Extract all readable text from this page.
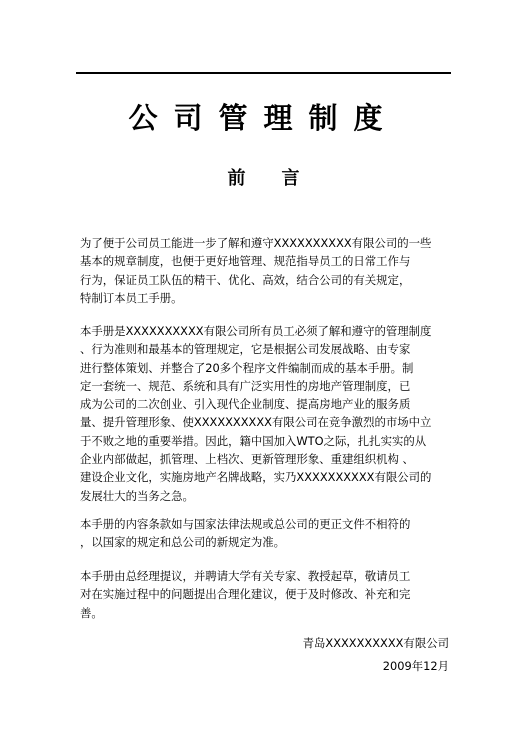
公司管理制度
前言
为了便于公司员工能进一步了解和遵守XXXXXXXXXX有限公司的一些
基本的规章制度，也便于更好地管理、规范指导员工的日常工作与
行为，保证员工队伍的精干、优化、高效，结合公司的有关规定，
特制订本员工手册。
本手册是XXXXXXXXXX有限公司所有员工必须了解和遵守的管理制度
、行为准则和最基本的管理规定，它是根据公司发展战略、由专家
进行整体策划、并整合了20多个程序文件编制而成的基本手册。制
定一套统一、规范、系统和具有广泛实用性的房地产管理制度，已
成为公司的二次创业、引入现代企业制度、提高房地产业的服务质
量、提升管理形象、使XXXXXXXXXX有限公司在竞争激烈的市场中立
于不败之地的重要举措。因此，籍中国加入WTO之际，扎扎实实的从
企业内部做起，抓管理、上档次、更新管理形象、重建组织机构 、
建设企业文化，实施房地产名牌战略，实乃XXXXXXXXXX有限公司的
发展壮大的当务之急。
本手册的内容条款如与国家法律法规或总公司的更正文件不相符的
，以国家的规定和总公司的新规定为准。
本手册由总经理提议，并聘请大学有关专家、教授起草，敬请员工
对在实施过程中的问题提出合理化建议，便于及时修改、补充和完
善。
青岛XXXXXXXXXX有限公司
2009年12月
